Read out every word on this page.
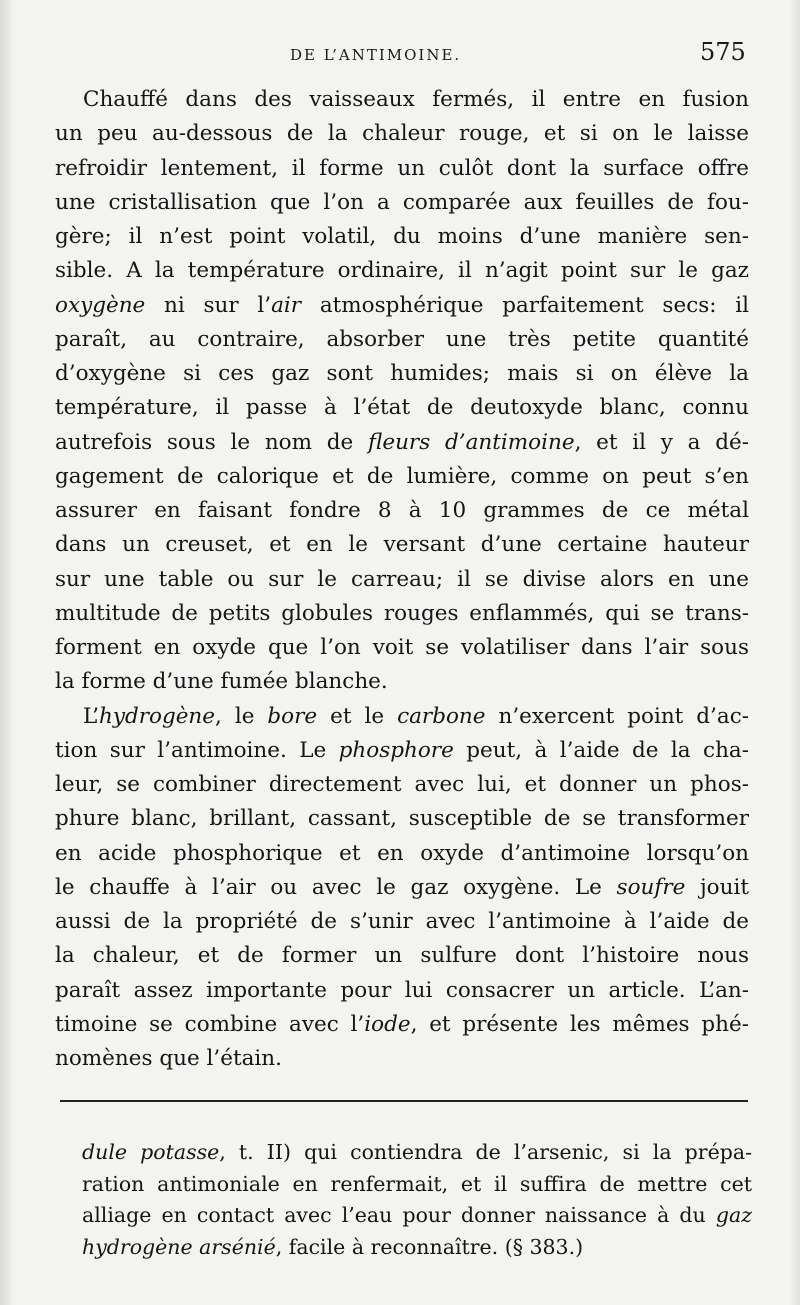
DE L’ANTIMOINE.	575
Chauffé dans des vaisseaux fermés, il entre en fusion
un peu au-dessous de la chaleur rouge, et si on le laisse
refroidir lentement, il forme un culôt dont la surface offre
une cristallisation que l’on a comparée aux feuilles de fou-
gère; il n’est point volatil, du moins d’une manière sen-
sible. A la température ordinaire, il n’agit point sur le gaz
oxygène ni sur l’air atmosphérique parfaitement secs: il
paraît, au contraire, absorber une très petite quantité
d’oxygène si ces gaz sont humides; mais si on élève la
température, il passe à l’état de deutoxyde blanc, connu
autrefois sous le nom de fleurs d’antimoine, et il y a dé-
gagement de calorique et de lumière, comme on peut s’en
assurer en faisant fondre 8 à 10 grammes de ce métal
dans un creuset, et en le versant d’une certaine hauteur
sur une table ou sur le carreau; il se divise alors en une
multitude de petits globules rouges enflammés, qui se trans-
forment en oxyde que l’on voit se volatiliser dans l’air sous
la forme d’une fumée blanche.
L’hydrogène, le bore et le carbone n’exercent point d’ac-
tion sur l’antimoine. Le phosphore peut, à l’aide de la cha-
leur, se combiner directement avec lui, et donner un phos-
phure blanc, brillant, cassant, susceptible de se transformer
en acide phosphorique et en oxyde d’antimoine lorsqu’on
le chauffe à l’air ou avec le gaz oxygène. Le soufre jouit
aussi de la propriété de s’unir avec l’antimoine à l’aide de
la chaleur, et de former un sulfure dont l’histoire nous
paraît assez importante pour lui consacrer un article. L’an-
timoine se combine avec l’iode, et présente les mêmes phé-
nomènes que l’étain.
dule potasse, t. II) qui contiendra de l’arsenic, si la prépa-
ration antimoniale en renfermait, et il suffira de mettre cet
alliage en contact avec l’eau pour donner naissance à du gaz
hydrogène arsénié , facile à reconnaître. (§ 383.)
